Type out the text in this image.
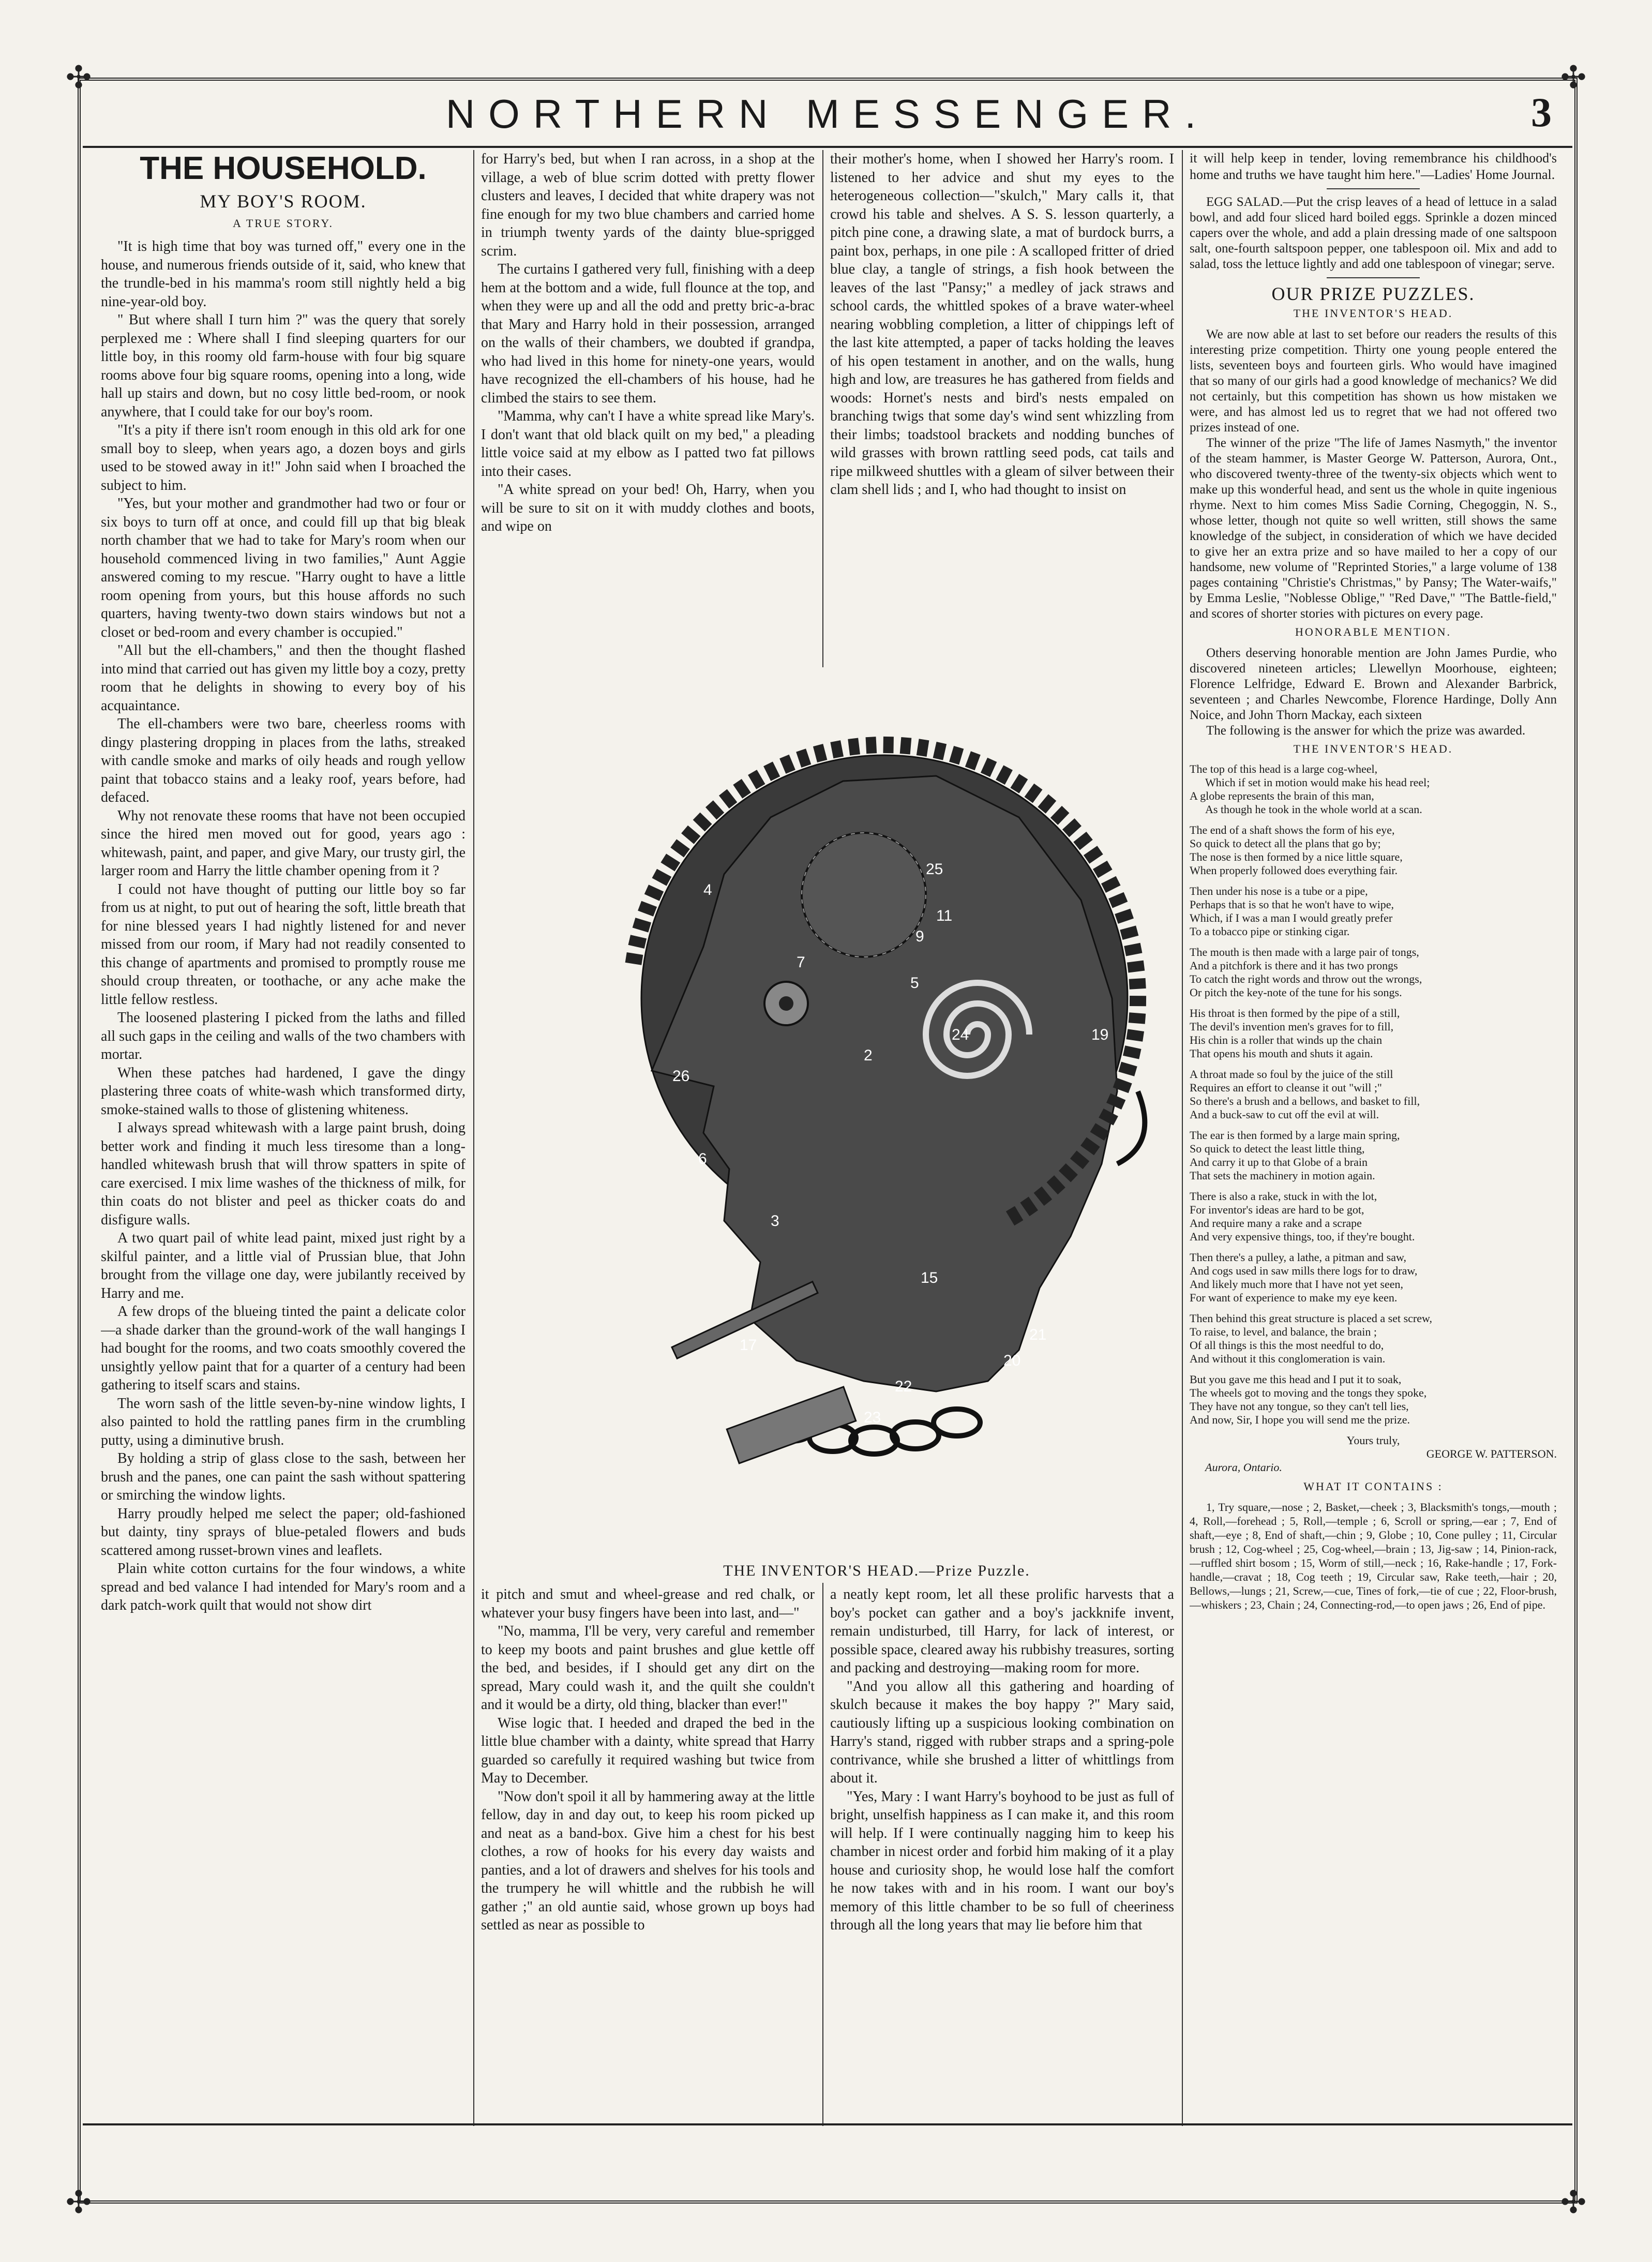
✣	✣
✣	✣
NORTHERN MESSENGER.	3
THE HOUSEHOLD.
MY BOY'S ROOM.
A TRUE STORY.

"It is high time that boy was turned off," every one in the house, and numerous friends outside of it, said, who knew that the trundle-bed in his mamma's room still nightly held a big nine-year-old boy.

" But where shall I turn him ?" was the query that sorely perplexed me : Where shall I find sleeping quarters for our little boy, in this roomy old farm-house with four big square rooms above four big square rooms, opening into a long, wide hall up stairs and down, but no cosy little bed-room, or nook anywhere, that I could take for our boy's room.

"It's a pity if there isn't room enough in this old ark for one small boy to sleep, when years ago, a dozen boys and girls used to be stowed away in it!" John said when I broached the subject to him.

"Yes, but your mother and grandmother had two or four or six boys to turn off at once, and could fill up that big bleak north chamber that we had to take for Mary's room when our household commenced living in two families," Aunt Aggie answered coming to my rescue. "Harry ought to have a little room opening from yours, but this house affords no such quarters, having twenty-two down stairs windows but not a closet or bed-room and every chamber is occupied."

"All but the ell-chambers," and then the thought flashed into mind that carried out has given my little boy a cozy, pretty room that he delights in showing to every boy of his acquaintance.

The ell-chambers were two bare, cheerless rooms with dingy plastering dropping in places from the laths, streaked with candle smoke and marks of oily heads and rough yellow paint that tobacco stains and a leaky roof, years before, had defaced.

Why not renovate these rooms that have not been occupied since the hired men moved out for good, years ago : whitewash, paint, and paper, and give Mary, our trusty girl, the larger room and Harry the little chamber opening from it ?

I could not have thought of putting our little boy so far from us at night, to put out of hearing the soft, little breath that for nine blessed years I had nightly listened for and never missed from our room, if Mary had not readily consented to this change of apartments and promised to promptly rouse me should croup threaten, or toothache, or any ache make the little fellow restless.

The loosened plastering I picked from the laths and filled all such gaps in the ceiling and walls of the two chambers with mortar.

When these patches had hardened, I gave the dingy plastering three coats of white-wash which transformed dirty, smoke-stained walls to those of glistening whiteness.

I always spread whitewash with a large paint brush, doing better work and finding it much less tiresome than a long-handled whitewash brush that will throw spatters in spite of care exercised. I mix lime washes of the thickness of milk, for thin coats do not blister and peel as thicker coats do and disfigure walls.

A two quart pail of white lead paint, mixed just right by a skilful painter, and a little vial of Prussian blue, that John brought from the village one day, were jubilantly received by Harry and me.

A few drops of the blueing tinted the paint a delicate color—a shade darker than the ground-work of the wall hangings I had bought for the rooms, and two coats smoothly covered the unsightly yellow paint that for a quarter of a century had been gathering to itself scars and stains.

The worn sash of the little seven-by-nine window lights, I also painted to hold the rattling panes firm in the crumbling putty, using a diminutive brush.

By holding a strip of glass close to the sash, between her brush and the panes, one can paint the sash without spattering or smirching the window lights.

Harry proudly helped me select the paper; old-fashioned but dainty, tiny sprays of blue-petaled flowers and buds scattered among russet-brown vines and leaflets.

Plain white cotton curtains for the four windows, a white spread and bed valance I had intended for Mary's room and a dark patch-work quilt that would not show dirt

for Harry's bed, but when I ran across, in a shop at the village, a web of blue scrim dotted with pretty flower clusters and leaves, I decided that white drapery was not fine enough for my two blue chambers and carried home in triumph twenty yards of the dainty blue-sprigged scrim.

The curtains I gathered very full, finishing with a deep hem at the bottom and a wide, full flounce at the top, and when they were up and all the odd and pretty bric-a-brac that Mary and Harry hold in their possession, arranged on the walls of their chambers, we doubted if grandpa, who had lived in this home for ninety-one years, would have recognized the ell-chambers of his house, had he climbed the stairs to see them.

"Mamma, why can't I have a white spread like Mary's. I don't want that old black quilt on my bed," a pleading little voice said at my elbow as I patted two fat pillows into their cases.

"A white spread on your bed! Oh, Harry, when you will be sure to sit on it with muddy clothes and boots, and wipe on

their mother's home, when I showed her Harry's room. I listened to her advice and shut my eyes to the heterogeneous collection—"skulch," Mary calls it, that crowd his table and shelves. A S. S. lesson quarterly, a pitch pine cone, a drawing slate, a mat of burdock burrs, a paint box, perhaps, in one pile : A scalloped fritter of dried blue clay, a tangle of strings, a fish hook between the leaves of the last "Pansy;" a medley of jack straws and school cards, the whittled spokes of a brave water-wheel nearing wobbling completion, a litter of chippings left of the last kite attempted, a paper of tacks holding the leaves of his open testament in another, and on the walls, hung high and low, are treasures he has gathered from fields and woods: Hornet's nests and bird's nests empaled on branching twigs that some day's wind sent whizzling from their limbs; toadstool brackets and nodding bunches of wild grasses with brown rattling seed pods, cat tails and ripe milkweed shuttles with a gleam of silver between their clam shell lids ; and I, who had thought to insist on

it will help keep in tender, loving remembrance his childhood's home and truths we have taught him here."—Ladies' Home Journal.

EGG SALAD.—Put the crisp leaves of a head of lettuce in a salad bowl, and add four sliced hard boiled eggs. Sprinkle a dozen minced capers over the whole, and add a plain dressing made of one saltspoon salt, one-fourth saltspoon pepper, one tablespoon oil. Mix and add to salad, toss the lettuce lightly and add one tablespoon of vinegar; serve.

OUR PRIZE PUZZLES.
THE INVENTOR'S HEAD.

We are now able at last to set before our readers the results of this interesting prize competition. Thirty one young people entered the lists, seventeen boys and fourteen girls. Who would have imagined that so many of our girls had a good knowledge of mechanics? We did not certainly, but this competition has shown us how mistaken we were, and has almost led us to regret that we had not offered two prizes instead of one.

The winner of the prize "The life of James Nasmyth," the inventor of the steam hammer, is Master George W. Patterson, Aurora, Ont., who discovered twenty-three of the twenty-six objects which went to make up this wonderful head, and sent us the whole in quite ingenious rhyme. Next to him comes Miss Sadie Corning, Chegoggin, N. S., whose letter, though not quite so well written, still shows the same knowledge of the subject, in consideration of which we have decided to give her an extra prize and so have mailed to her a copy of our handsome, new volume of "Reprinted Stories," a large volume of 138 pages containing "Christie's Christmas," by Pansy; The Water-waifs," by Emma Leslie, "Noblesse Oblige," "Red Dave," "The Battle-field," and scores of shorter stories with pictures on every page.

HONORABLE MENTION.

Others deserving honorable mention are John James Purdie, who discovered nineteen articles; Llewellyn Moorhouse, eighteen; Florence Lelfridge, Edward E. Brown and Alexander Barbrick, seventeen ; and Charles Newcombe, Florence Hardinge, Dolly Ann Noice, and John Thorn Mackay, each sixteen

The following is the answer for which the prize was awarded.

THE INVENTOR'S HEAD.

The top of this head is a large cog-wheel,

Which if set in motion would make his head reel;

A globe represents the brain of this man,

As though he took in the whole world at a scan.

The end of a shaft shows the form of his eye,

So quick to detect all the plans that go by;

The nose is then formed by a nice little square,

When properly followed does everything fair.

Then under his nose is a tube or a pipe,

Perhaps that is so that he won't have to wipe,

Which, if I was a man I would greatly prefer

To a tobacco pipe or stinking cigar.

The mouth is then made with a large pair of tongs,

And a pitchfork is there and it has two prongs

To catch the right words and throw out the wrongs,

Or pitch the key-note of the tune for his songs.

His throat is then formed by the pipe of a still,

The devil's invention men's graves for to fill,

His chin is a roller that winds up the chain

That opens his mouth and shuts it again.

A throat made so foul by the juice of the still

Requires an effort to cleanse it out "will ;"

So there's a brush and a bellows, and basket to fill,

And a buck-saw to cut off the evil at will.

The ear is then formed by a large main spring,

So quick to detect the least little thing,

And carry it up to that Globe of a brain

That sets the machinery in motion again.

There is also a rake, stuck in with the lot,

For inventor's ideas are hard to be got,

And require many a rake and a scrape

And very expensive things, too, if they're bought.

Then there's a pulley, a lathe, a pitman and saw,

And cogs used in saw mills there logs for to draw,

And likely much more that I have not yet seen,

For want of experience to make my eye keen.

Then behind this great structure is placed a set screw,

To raise, to level, and balance, the brain ;

Of all things is this the most needful to do,

And without it this conglomeration is vain.

But you gave me this head and I put it to soak,

The wheels got to moving and the tongs they spoke,

They have not any tongue, so they can't tell lies,

And now, Sir, I hope you will send me the prize.

Yours truly,

GEORGE W. PATTERSON.

Aurora, Ontario.

WHAT IT CONTAINS :

1, Try square,—nose ; 2, Basket,—cheek ; 3, Blacksmith's tongs,—mouth ; 4, Roll,—forehead ; 5, Roll,—temple ; 6, Scroll or spring,—ear ; 7, End of shaft,—eye ; 8, End of shaft,—chin ; 9, Globe ; 10, Cone pulley ; 11, Circular brush ; 12, Cog-wheel ; 25, Cog-wheel,—brain ; 13, Jig-saw ; 14, Pinion-rack,—ruffled shirt bosom ; 15, Worm of still,—neck ; 16, Rake-handle ; 17, Fork-handle,—cravat ; 18, Cog teeth ; 19, Circular saw, Rake teeth,—hair ; 20, Bellows,—lungs ; 21, Screw,—cue, Tines of fork,—tie of cue ; 22, Floor-brush,—whiskers ; 23, Chain ; 24, Connecting-rod,—to open jaws ; 26, End of pipe.

2
3
4
5
6
7
9
11
15
17
19
20
21
22
23
24
25
26
THE INVENTOR'S HEAD.—Prize Puzzle.

it pitch and smut and wheel-grease and red chalk, or whatever your busy fingers have been into last, and—"

"No, mamma, I'll be very, very careful and remember to keep my boots and paint brushes and glue kettle off the bed, and besides, if I should get any dirt on the spread, Mary could wash it, and the quilt she couldn't and it would be a dirty, old thing, blacker than ever!"

Wise logic that. I heeded and draped the bed in the little blue chamber with a dainty, white spread that Harry guarded so carefully it required washing but twice from May to December.

"Now don't spoil it all by hammering away at the little fellow, day in and day out, to keep his room picked up and neat as a band-box. Give him a chest for his best clothes, a row of hooks for his every day waists and panties, and a lot of drawers and shelves for his tools and the trumpery he will whittle and the rubbish he will gather ;" an old auntie said, whose grown up boys had settled as near as possible to

a neatly kept room, let all these prolific harvests that a boy's pocket can gather and a boy's jackknife invent, remain undisturbed, till Harry, for lack of interest, or possible space, cleared away his rubbishy treasures, sorting and packing and destroying—making room for more.

"And you allow all this gathering and hoarding of skulch because it makes the boy happy ?" Mary said, cautiously lifting up a suspicious looking combination on Harry's stand, rigged with rubber straps and a spring-pole contrivance, while she brushed a litter of whittlings from about it.

"Yes, Mary : I want Harry's boyhood to be just as full of bright, unselfish happiness as I can make it, and this room will help. If I were continually nagging him to keep his chamber in nicest order and forbid him making of it a play house and curiosity shop, he would lose half the comfort he now takes with and in his room. I want our boy's memory of this little chamber to be so full of cheeriness through all the long years that may lie before him that
